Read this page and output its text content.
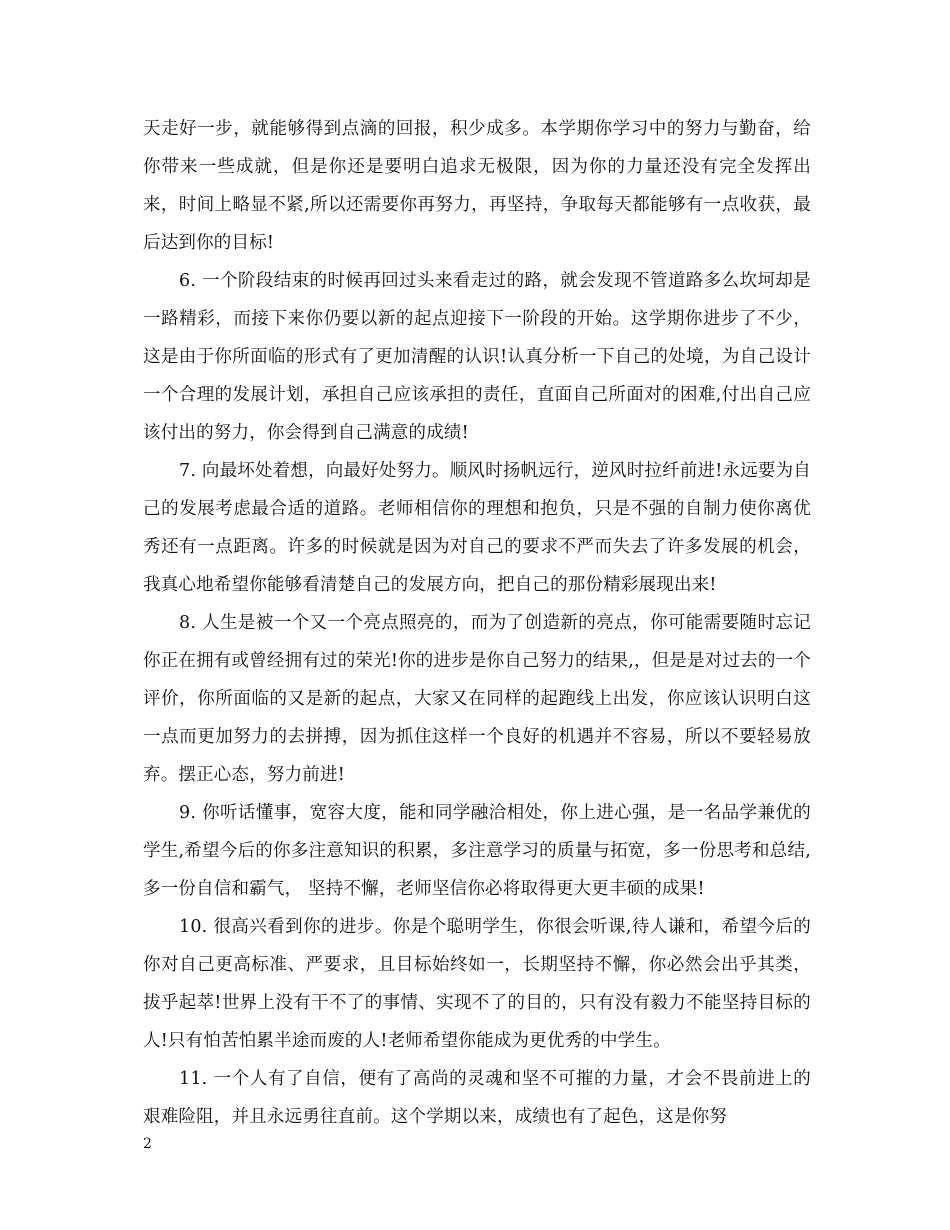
天走好一步，就能够得到点滴的回报，积少成多。本学期你学习中的努力与勤奋，给你带来一些成就，但是你还是要明白追求无极限，因为你的力量还没有完全发挥出来，时间上略显不紧,所以还需要你再努力，再坚持，争取每天都能够有一点收获，最后达到你的目标!

6. 一个阶段结束的时候再回过头来看走过的路，就会发现不管道路多么坎坷却是一路精彩，而接下来你仍要以新的起点迎接下一阶段的开始。这学期你进步了不少，这是由于你所面临的形式有了更加清醒的认识!认真分析一下自己的处境，为自己设计一个合理的发展计划，承担自己应该承担的责任，直面自己所面对的困难,付出自己应该付出的努力，你会得到自己满意的成绩!

7. 向最坏处着想，向最好处努力。顺风时扬帆远行，逆风时拉纤前进!永远要为自己的发展考虑最合适的道路。老师相信你的理想和抱负，只是不强的自制力使你离优秀还有一点距离。许多的时候就是因为对自己的要求不严而失去了许多发展的机会，我真心地希望你能够看清楚自己的发展方向，把自己的那份精彩展现出来!

8. 人生是被一个又一个亮点照亮的，而为了创造新的亮点，你可能需要随时忘记你正在拥有或曾经拥有过的荣光!你的进步是你自己努力的结果,，但是是对过去的一个评价，你所面临的又是新的起点，大家又在同样的起跑线上出发，你应该认识明白这一点而更加努力的去拼搏，因为抓住这样一个良好的机遇并不容易，所以不要轻易放弃。摆正心态，努力前进!

9. 你听话懂事，宽容大度，能和同学融洽相处，你上进心强，是一名品学兼优的学生,希望今后的你多注意知识的积累，多注意学习的质量与拓宽，多一份思考和总结,多一份自信和霸气， 坚持不懈，老师坚信你必将取得更大更丰硕的成果!

10. 很高兴看到你的进步。你是个聪明学生，你很会听课,待人谦和，希望今后的你对自己更高标准、严要求，且目标始终如一，长期坚持不懈，你必然会出乎其类，拔乎起萃!世界上没有干不了的事情、实现不了的目的，只有没有毅力不能坚持目标的人!只有怕苦怕累半途而废的人!老师希望你能成为更优秀的中学生。

11. 一个人有了自信，便有了高尚的灵魂和坚不可摧的力量，才会不畏前进上的艰难险阻，并且永远勇往直前。这个学期以来，成绩也有了起色，这是你努

2
